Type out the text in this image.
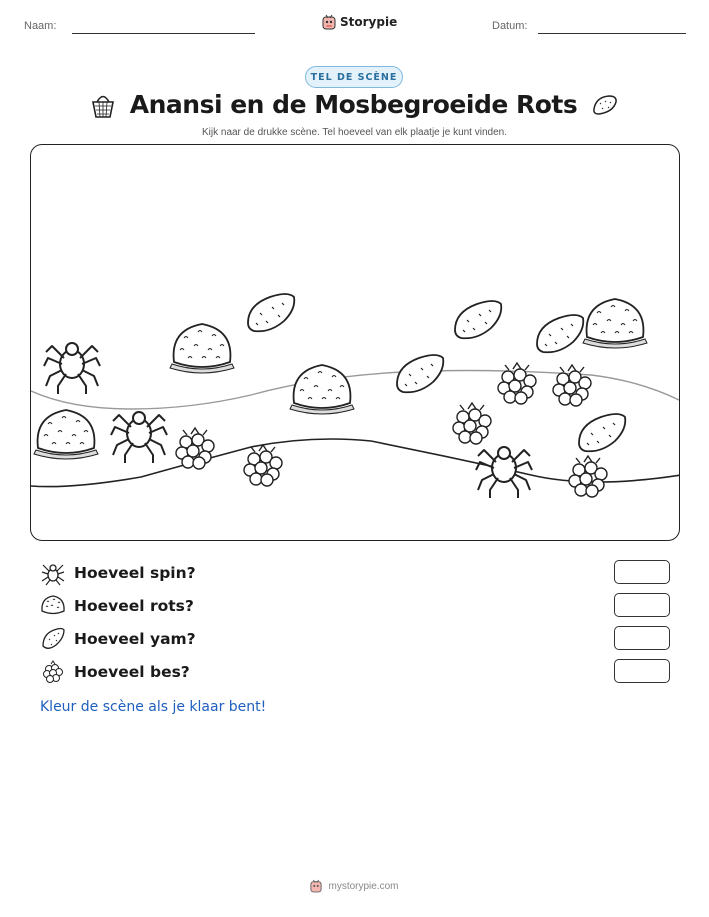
Naam:	Storypie	Datum:
TEL DE SCÈNE
Anansi en de Mosbegroeide Rots
Kijk naar de drukke scène. Tel hoeveel van elk plaatje je kunt vinden.
Hoeveel spin?
Hoeveel rots?
Hoeveel yam?
Hoeveel bes?
Kleur de scène als je klaar bent!
mystorypie.com
